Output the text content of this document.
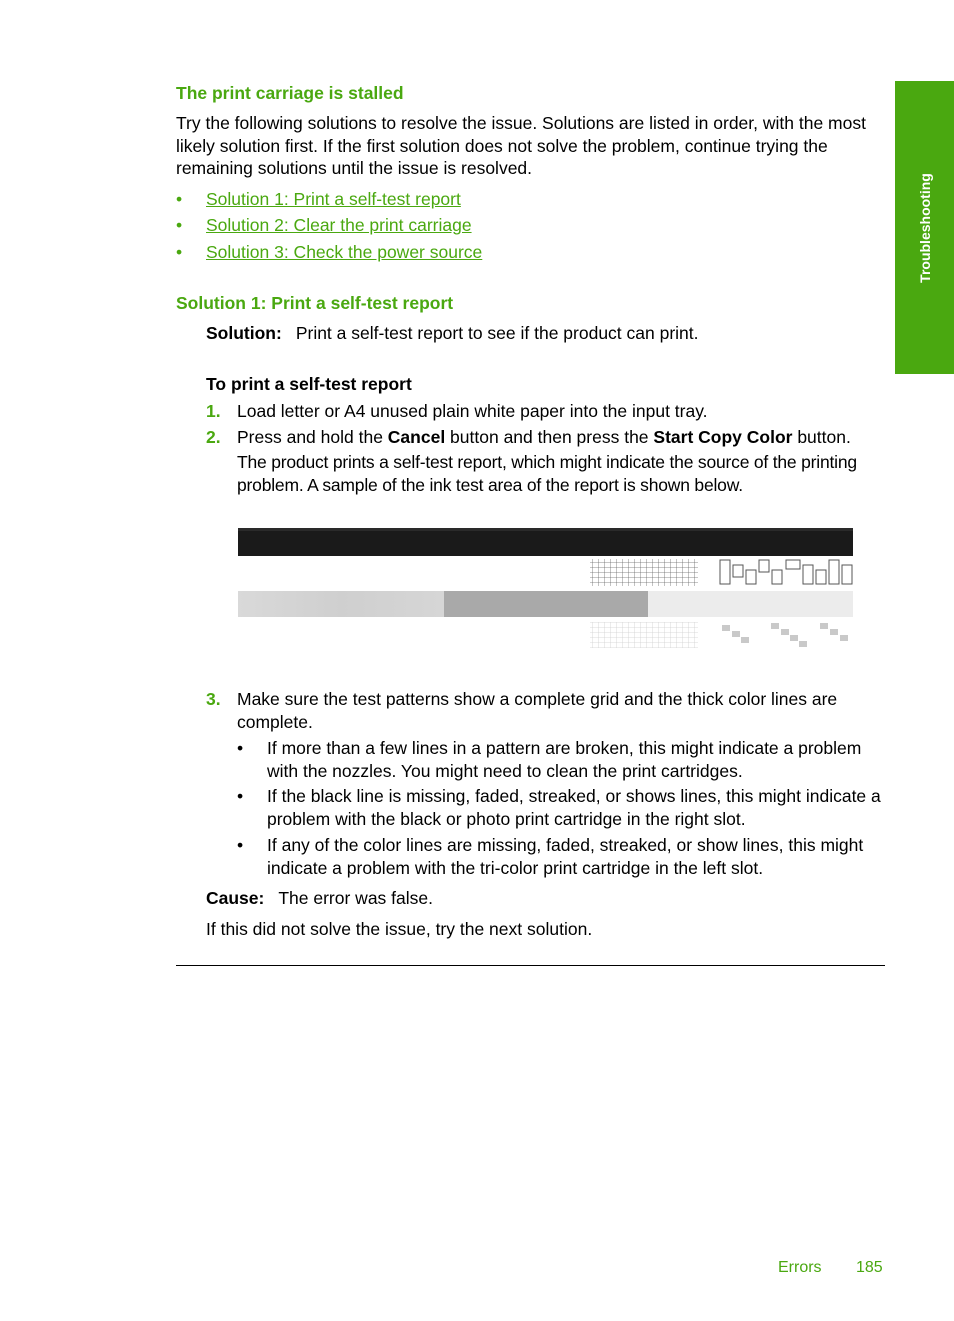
Troubleshooting
The print carriage is stalled
Try the following solutions to resolve the issue. Solutions are listed in order, with the most likely solution first. If the first solution does not solve the problem, continue trying the remaining solutions until the issue is resolved.
• Solution 1: Print a self-test report
• Solution 2: Clear the print carriage
• Solution 3: Check the power source
Solution 1: Print a self-test report
Solution: Print a self-test report to see if the product can print.
To print a self-test report
1. Load letter or A4 unused plain white paper into the input tray.
2. Press and hold the Cancel button and then press the Start Copy Color button.
The product prints a self-test report, which might indicate the source of the printing problem. A sample of the ink test area of the report is shown below.
3. Make sure the test patterns show a complete grid and the thick color lines are complete.
• If more than a few lines in a pattern are broken, this might indicate a problem with the nozzles. You might need to clean the print cartridges.
• If the black line is missing, faded, streaked, or shows lines, this might indicate a problem with the black or photo print cartridge in the right slot.
• If any of the color lines are missing, faded, streaked, or show lines, this might indicate a problem with the tri-color print cartridge in the left slot.
Cause: The error was false.
If this did not solve the issue, try the next solution.
Errors 185
